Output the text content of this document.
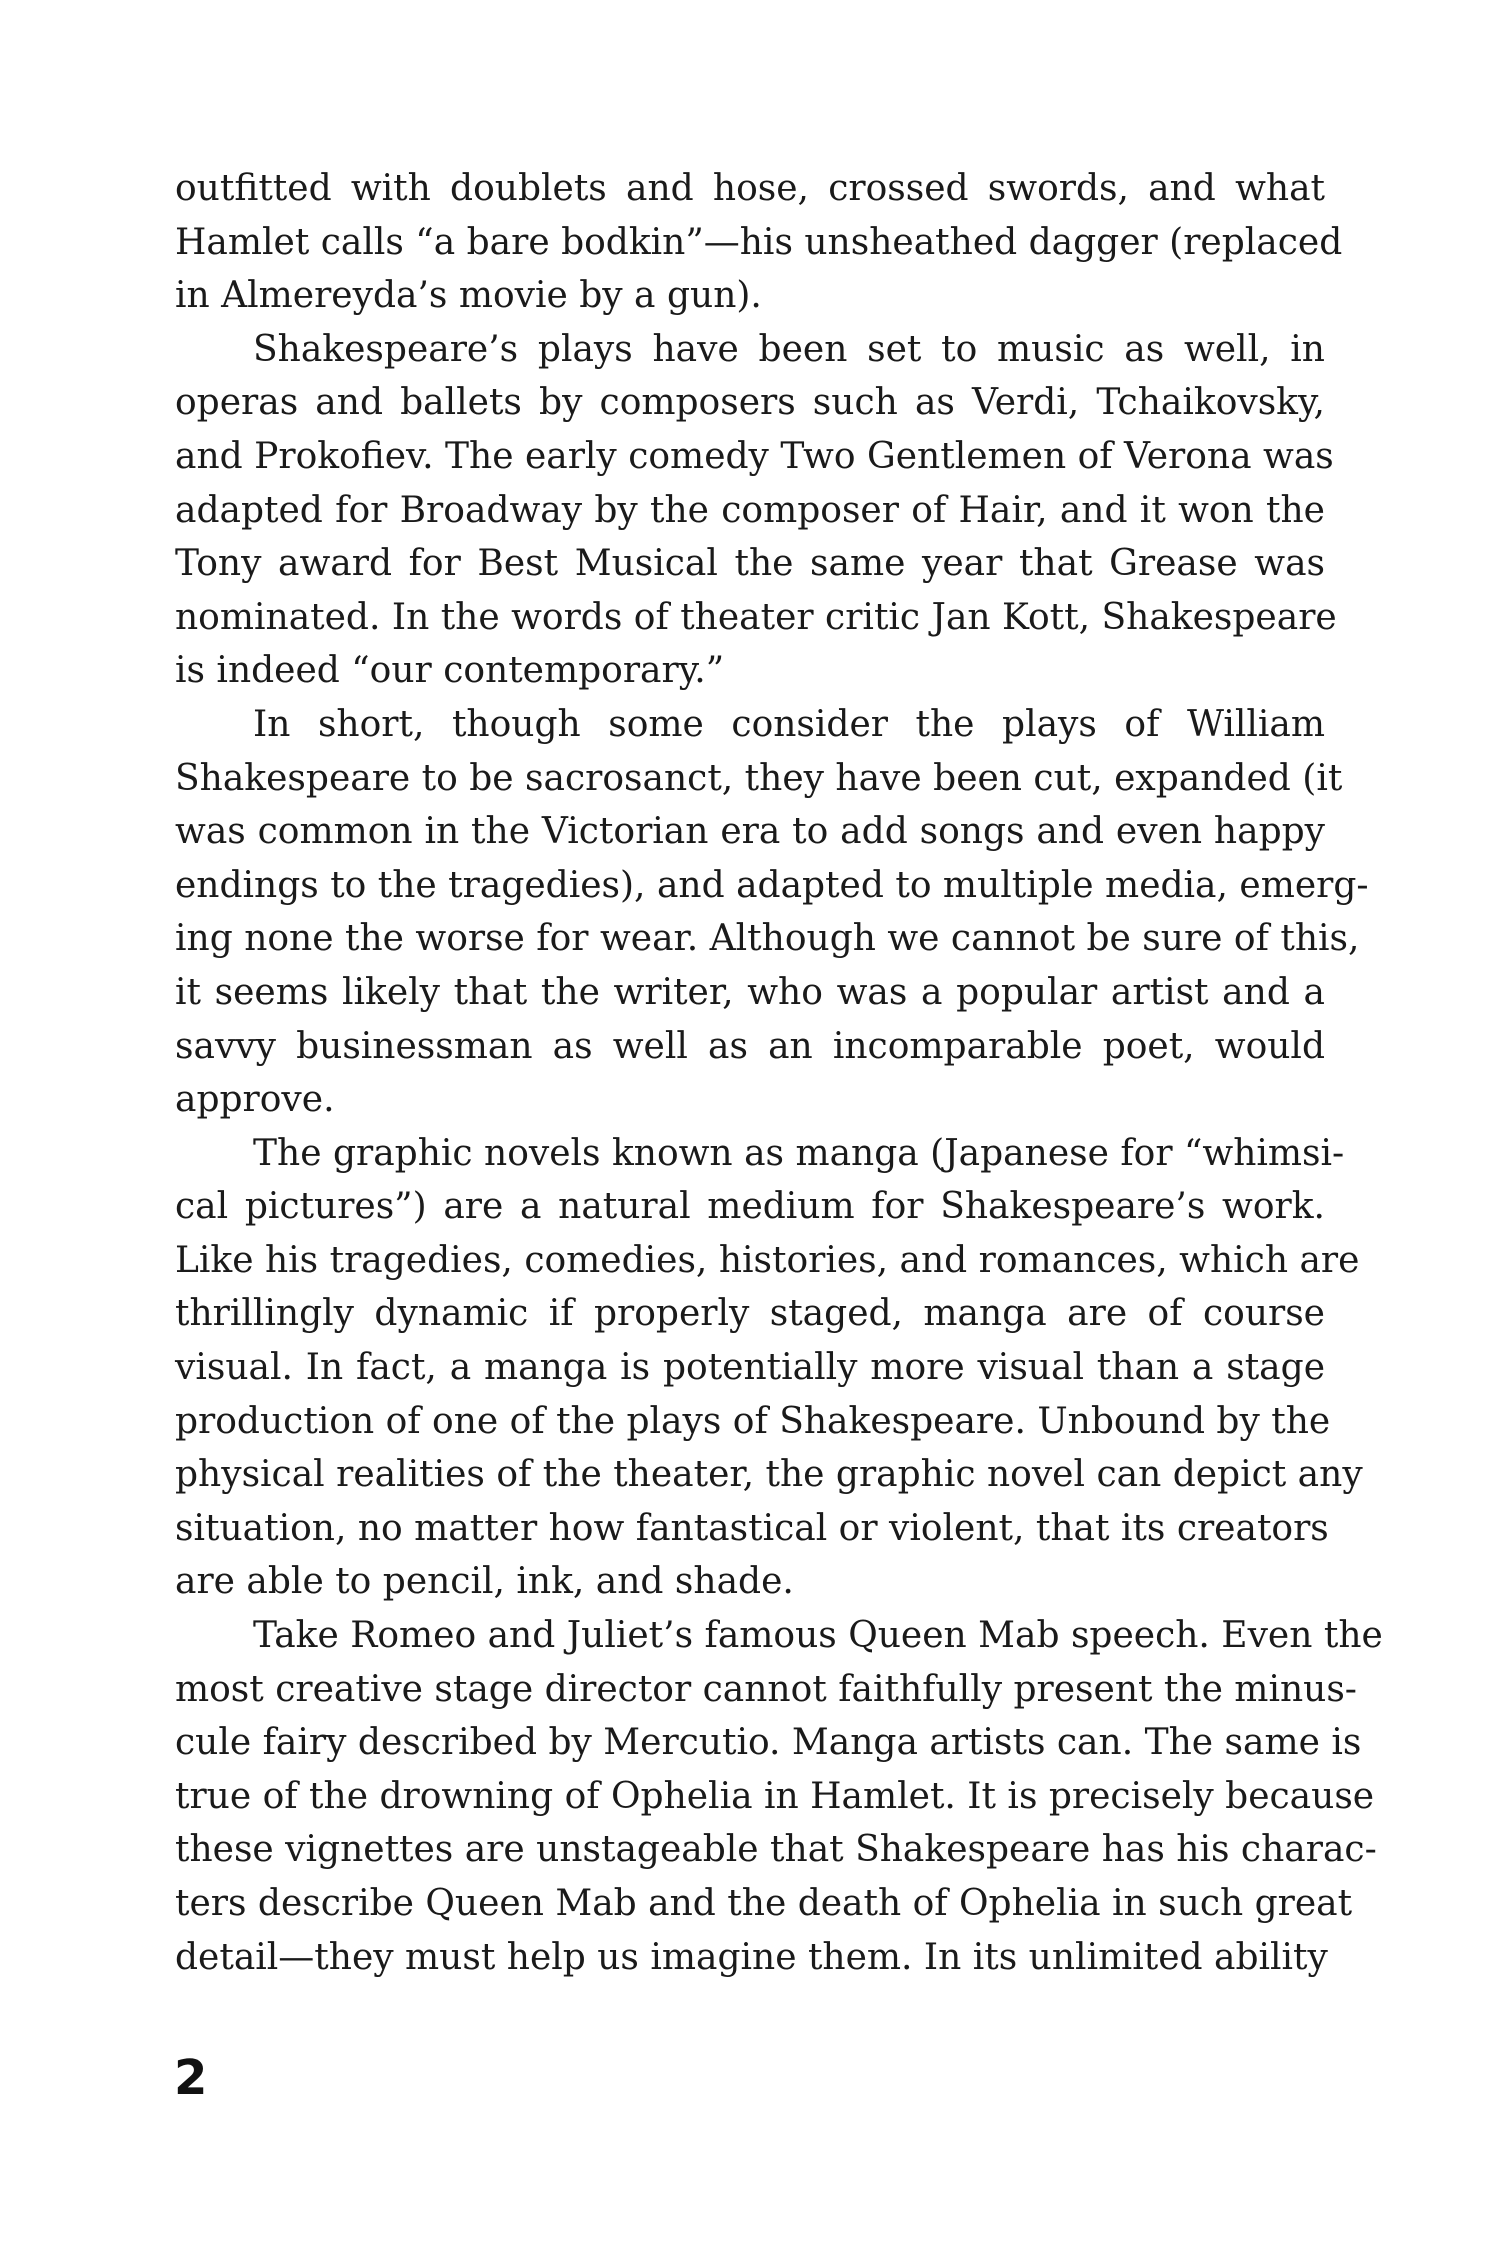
outfitted with doublets and hose, crossed swords, and what
Hamlet calls “a bare bodkin”—his unsheathed dagger (replaced
in Almereyda’s movie by a gun).
Shakespeare’s plays have been set to music as well, in
operas and ballets by composers such as Verdi, Tchaikovsky,
and Prokofiev. The early comedy Two Gentlemen of Verona was
adapted for Broadway by the composer of Hair, and it won the
Tony award for Best Musical the same year that Grease was
nominated. In the words of theater critic Jan Kott, Shakespeare
is indeed “our contemporary.”
In short, though some consider the plays of William
Shakespeare to be sacrosanct, they have been cut, expanded (it
was common in the Victorian era to add songs and even happy
endings to the tragedies), and adapted to multiple media, emerg-
ing none the worse for wear. Although we cannot be sure of this,
it seems likely that the writer, who was a popular artist and a
savvy businessman as well as an incomparable poet, would
approve.
The graphic novels known as manga (Japanese for “whimsi-
cal pictures”) are a natural medium for Shakespeare’s work.
Like his tragedies, comedies, histories, and romances, which are
thrillingly dynamic if properly staged, manga are of course
visual. In fact, a manga is potentially more visual than a stage
production of one of the plays of Shakespeare. Unbound by the
physical realities of the theater, the graphic novel can depict any
situation, no matter how fantastical or violent, that its creators
are able to pencil, ink, and shade.
Take Romeo and Juliet’s famous Queen Mab speech. Even the
most creative stage director cannot faithfully present the minus-
cule fairy described by Mercutio. Manga artists can. The same is
true of the drowning of Ophelia in Hamlet. It is precisely because
these vignettes are unstageable that Shakespeare has his charac-
ters describe Queen Mab and the death of Ophelia in such great
detail—they must help us imagine them. In its unlimited ability
2
